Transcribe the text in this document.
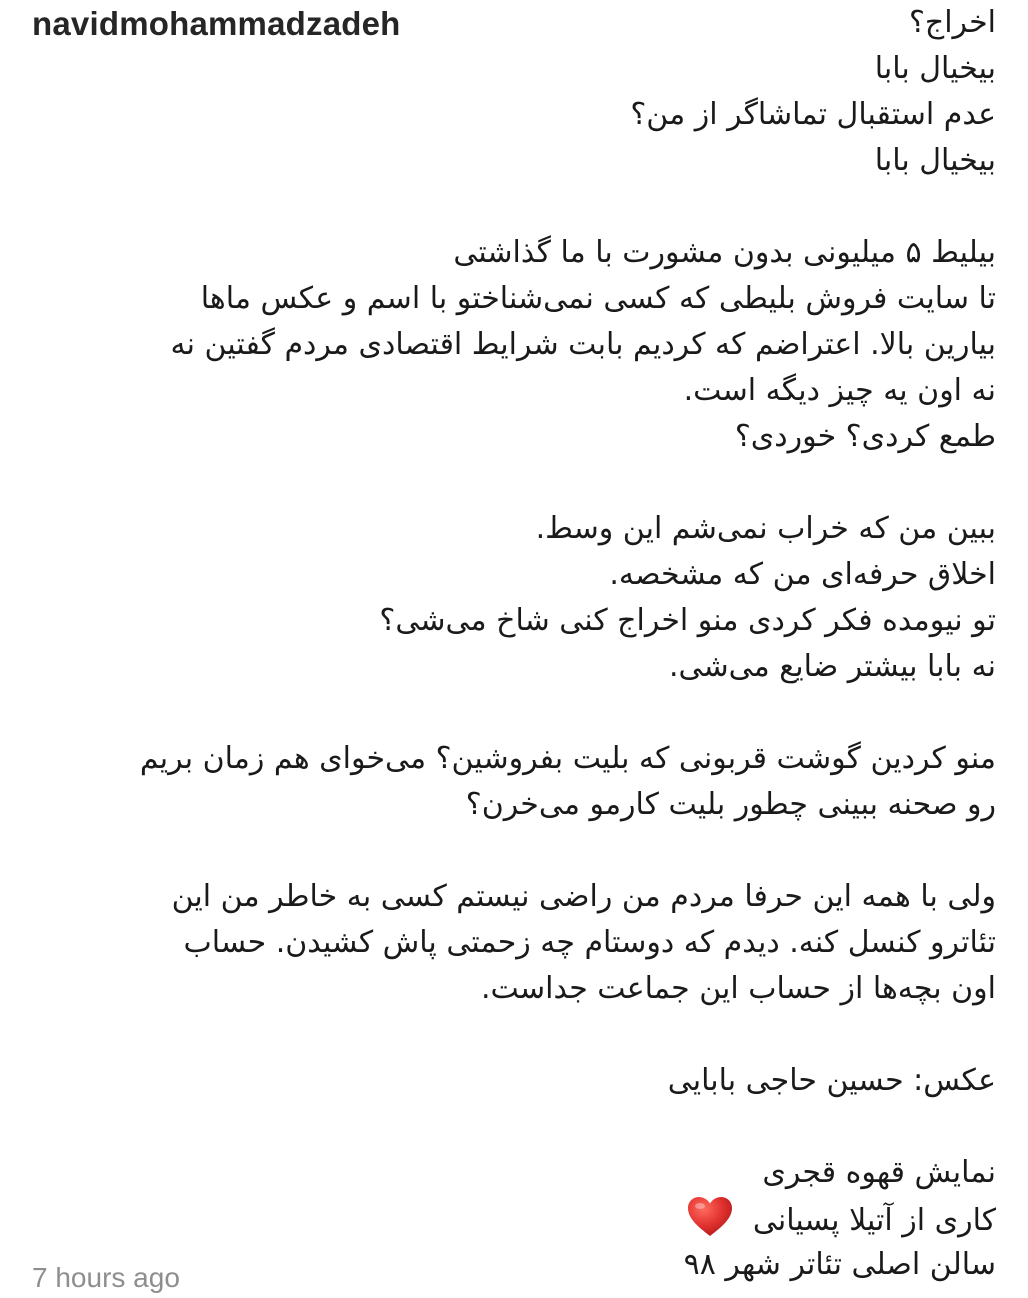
navidmohammadzadeh	اخراج؟
بیخیال بابا
عدم استقبال تماشاگر از من؟
بیخیال بابا
بیلیط ۵ میلیونی بدون مشورت با ما گذاشتی
تا سایت فروش بلیطی که کسی نمی‌شناختو با اسم و عکس ماها
بیارین بالا. اعتراضم که کردیم بابت شرایط اقتصادی مردم گفتین نه
نه اون یه چیز دیگه است.
طمع کردی؟ خوردی؟
ببین من که خراب نمی‌شم این وسط.
اخلاق حرفه‌ای من که مشخصه.
تو نیومده فکر کردی منو اخراج کنی شاخ می‌شی؟
نه بابا بیشتر ضایع می‌شی.
منو کردین گوشت قربونی که بلیت بفروشین؟ می‌خوای هم زمان بریم
رو صحنه ببینی چطور بلیت کارمو می‌خرن؟
ولی با همه این حرفا مردم من راضی نیستم کسی به خاطر من این
تئاترو کنسل کنه. دیدم که دوستام چه زحمتی پاش کشیدن. حساب
اون بچه‌ها از حساب این جماعت جداست.
عکس: حسین حاجی بابایی
نمایش قهوه قجری
کاری از آتیلا پسیانی
سالن اصلی تئاتر شهر ۹۸
7 hours ago
